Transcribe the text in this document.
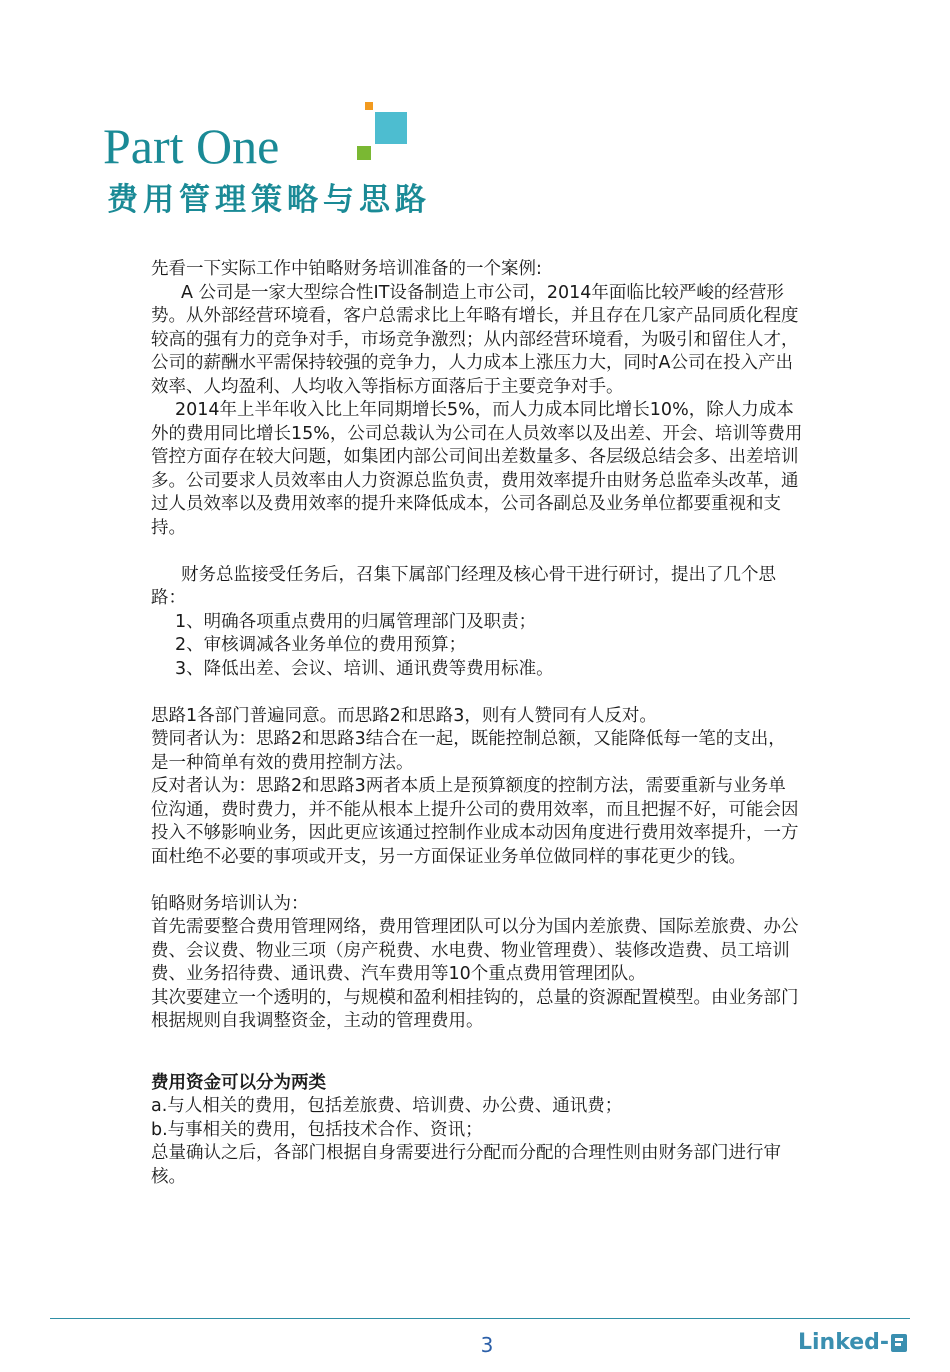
Part One
费用管理策略与思路

先看一下实际工作中铂略财务培训准备的一个案例:

A 公司是一家大型综合性IT设备制造上市公司，2014年面临比较严峻的经营形势。从外部经营环境看，客户总需求比上年略有增长，并且存在几家产品同质化程度较高的强有力的竞争对手，市场竞争激烈；从内部经营环境看，为吸引和留住人才，公司的薪酬水平需保持较强的竞争力，人力成本上涨压力大，同时A公司在投入产出效率、人均盈利、人均收入等指标方面落后于主要竞争对手。

2014年上半年收入比上年同期增长5%，而人力成本同比增长10%，除人力成本外的费用同比增长15%，公司总裁认为公司在人员效率以及出差、开会、培训等费用管控方面存在较大问题，如集团内部公司间出差数量多、各层级总结会多、出差培训多。公司要求人员效率由人力资源总监负责，费用效率提升由财务总监牵头改革，通过人员效率以及费用效率的提升来降低成本，公司各副总及业务单位都要重视和支持。

财务总监接受任务后，召集下属部门经理及核心骨干进行研讨，提出了几个思路：

1、明确各项重点费用的归属管理部门及职责；

2、审核调减各业务单位的费用预算；

3、降低出差、会议、培训、通讯费等费用标准。

思路1各部门普遍同意。而思路2和思路3，则有人赞同有人反对。

赞同者认为：思路2和思路3结合在一起，既能控制总额，又能降低每一笔的支出，是一种简单有效的费用控制方法。

反对者认为：思路2和思路3两者本质上是预算额度的控制方法，需要重新与业务单位沟通，费时费力，并不能从根本上提升公司的费用效率，而且把握不好，可能会因投入不够影响业务，因此更应该通过控制作业成本动因角度进行费用效率提升，一方面杜绝不必要的事项或开支，另一方面保证业务单位做同样的事花更少的钱。

铂略财务培训认为：

首先需要整合费用管理网络，费用管理团队可以分为国内差旅费、国际差旅费、办公费、会议费、物业三项（房产税费、水电费、物业管理费）、装修改造费、员工培训费、业务招待费、通讯费、汽车费用等10个重点费用管理团队。

其次要建立一个透明的，与规模和盈利相挂钩的，总量的资源配置模型。由业务部门根据规则自我调整资金，主动的管理费用。

费用资金可以分为两类

a.与人相关的费用，包括差旅费、培训费、办公费、通讯费；

b.与事相关的费用，包括技术合作、资讯；

总量确认之后，各部门根据自身需要进行分配而分配的合理性则由财务部门进行审核。

3	Linked-
